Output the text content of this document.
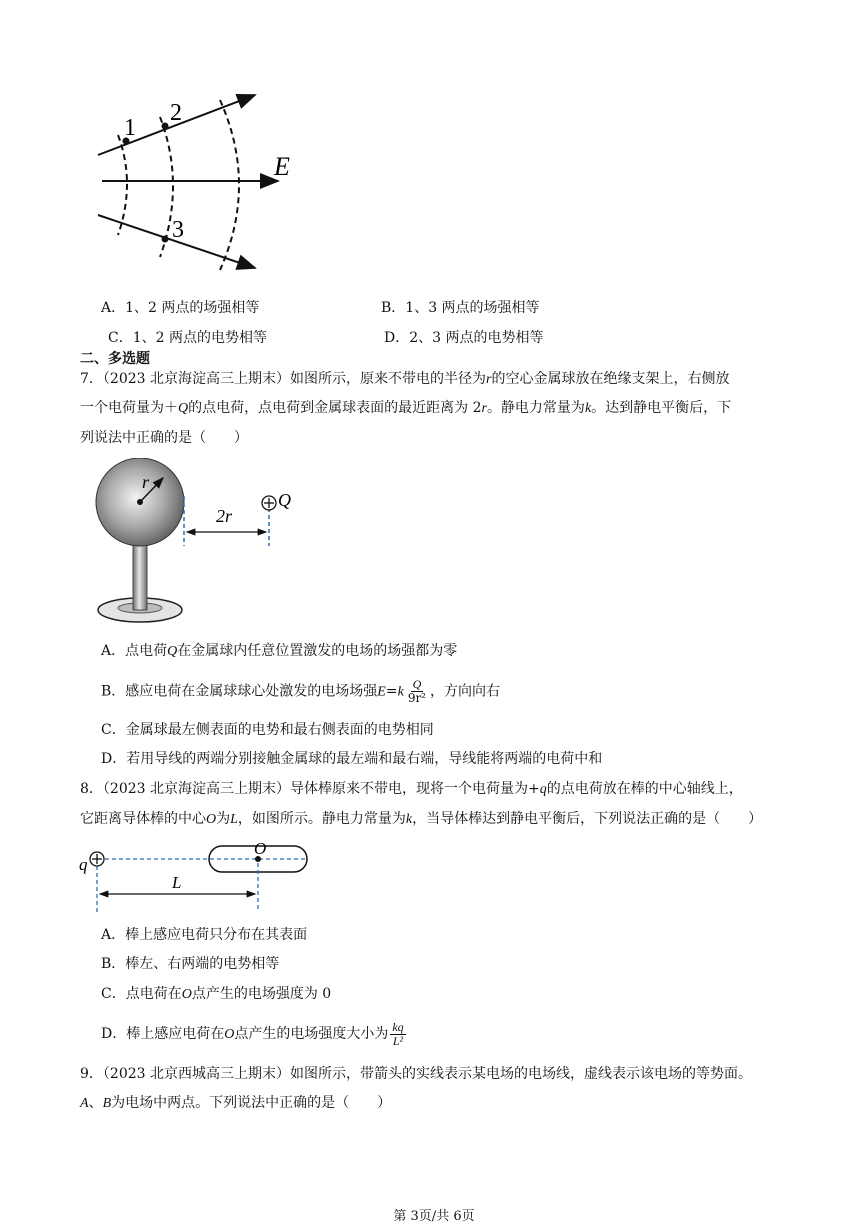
1
2
3
E
A．1、2 两点的场强相等	B．1、3 两点的场强相等
C．1、2 两点的电势相等	D．2、3 两点的电势相等
二、多选题
7．（2023 北京海淀高三上期末）如图所示，原来不带电的半径为r的空心金属球放在绝缘支架上，右侧放
一个电荷量为＋Q的点电荷，点电荷到金属球表面的最近距离为 2r。静电力常量为k。达到静电平衡后，下
列说法中正确的是（　　）
r
2r
Q
A．点电荷Q在金属球内任意位置激发的电场的场强都为零
B．感应电荷在金属球球心处激发的电场场强$E=k \frac{Q}{\text{9r²}}$ ，方向向右
C．金属球最左侧表面的电势和最右侧表面的电势相同
D．若用导线的两端分别接触金属球的最左端和最右端，导线能将两端的电荷中和
8．（2023 北京海淀高三上期末）导体棒原来不带电，现将一个电荷量为+q的点电荷放在棒的中心轴线上，
它距离导体棒的中心O为L，如图所示。静电力常量为k，当导体棒达到静电平衡后，下列说法正确的是（　　）
q
O
L
A．棒上感应电荷只分布在其表面
B．棒左、右两端的电势相等
C．点电荷在O点产生的电场强度为 0
D．棒上感应电荷在O点产生的电场强度大小为 $\frac{kq}{\text{L²}}$
9．（2023 北京西城高三上期末）如图所示，带箭头的实线表示某电场的电场线，虚线表示该电场的等势面。
A、B为电场中两点。下列说法中正确的是（　　）
第 3页/共 6页
